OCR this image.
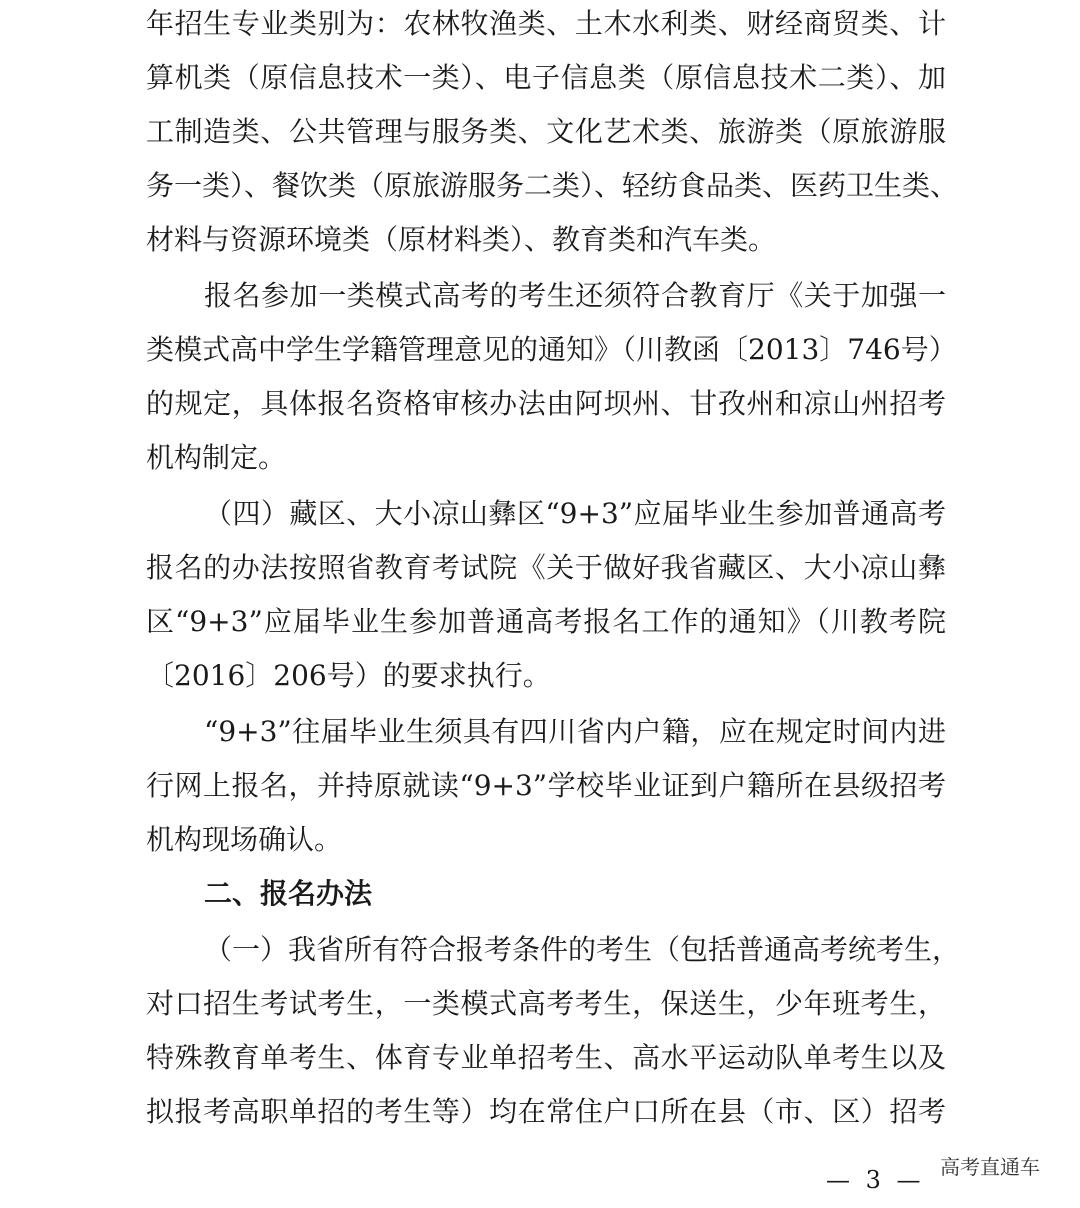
年招生专业类别为：农林牧渔类、土木水利类、财经商贸类、计
算机类（原信息技术一类）、电子信息类（原信息技术二类）、加
工制造类、公共管理与服务类、文化艺术类、旅游类（原旅游服
务一类）、餐饮类（原旅游服务二类）、轻纺食品类、医药卫生类、
材料与资源环境类（原材料类）、教育类和汽车类。
报名参加一类模式高考的考生还须符合教育厅《关于加强一
类模式高中学生学籍管理意见的通知》（川教函〔2013〕746号）
的规定，具体报名资格审核办法由阿坝州、甘孜州和凉山州招考
机构制定。
（四）藏区、大小凉山彝区“9+3”应届毕业生参加普通高考
报名的办法按照省教育考试院《关于做好我省藏区、大小凉山彝
区“9+3”应届毕业生参加普通高考报名工作的通知》（川教考院
〔2016〕206号）的要求执行。
“9+3”往届毕业生须具有四川省内户籍，应在规定时间内进
行网上报名，并持原就读“9+3”学校毕业证到户籍所在县级招考
机构现场确认。
二、报名办法
（一）我省所有符合报考条件的考生（包括普通高考统考生，
对口招生考试考生，一类模式高考考生，保送生，少年班考生，
特殊教育单考生、体育专业单招考生、高水平运动队单考生以及
拟报考高职单招的考生等）均在常住户口所在县（市、区）招考
— 3 — 高考直通车
